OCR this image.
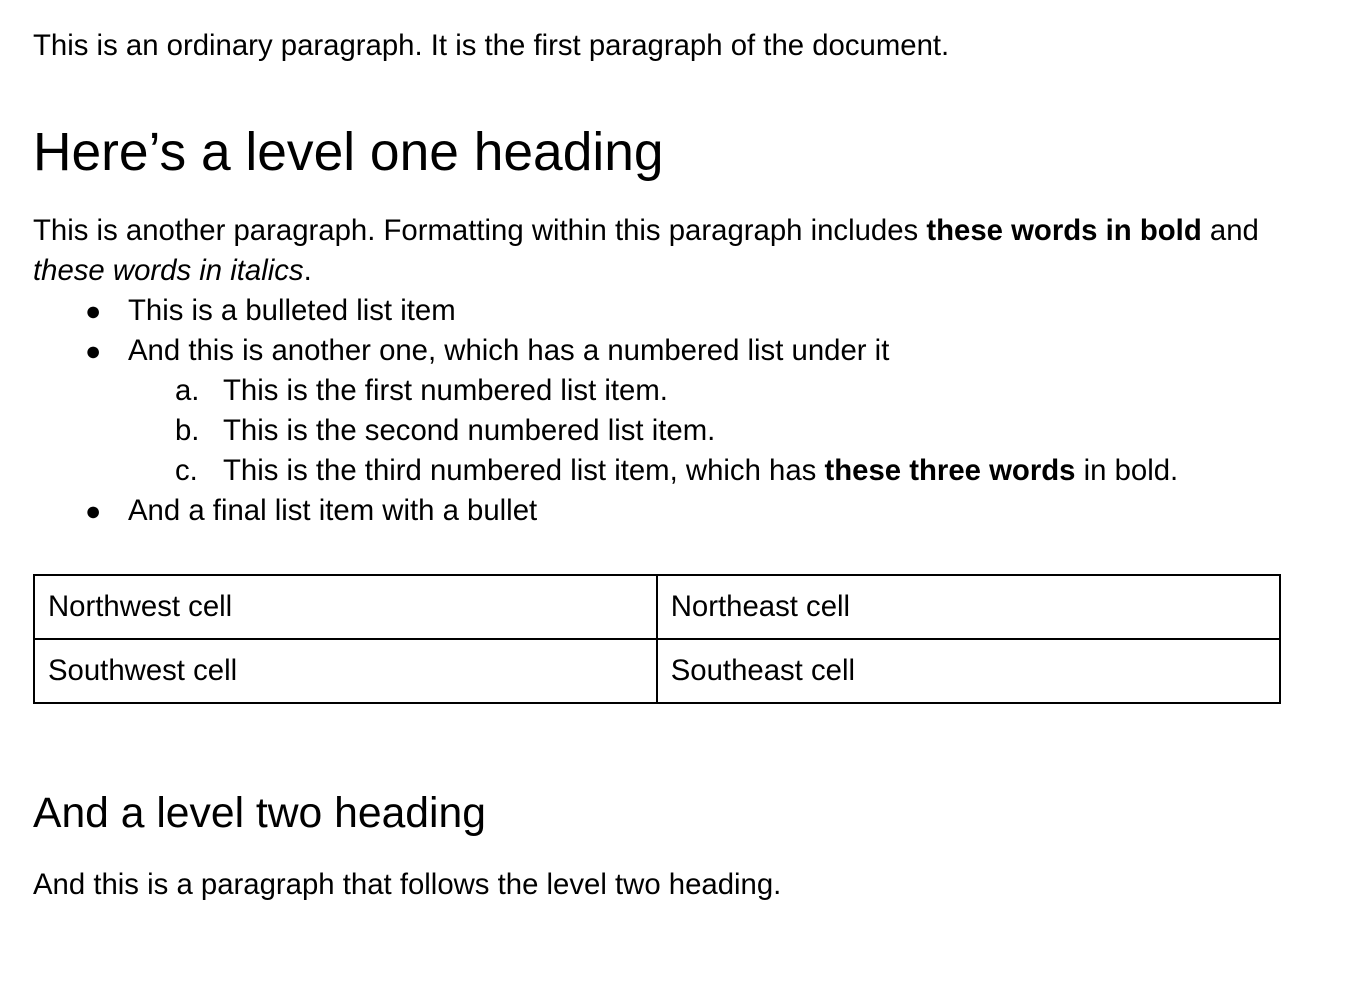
This is an ordinary paragraph. It is the first paragraph of the document.

Here’s a level one heading

This is another paragraph. Formatting within this paragraph includes these words in bold and these words in italics.

● This is a bulleted list item
● And this is another one, which has a numbered list under it
a. This is the first numbered list item.
b. This is the second numbered list item.
c. This is the third numbered list item, which has these three words in bold.
● And a final list item with a bullet
Northwest cell	Northeast cell
Southwest cell	Southeast cell
And a level two heading

And this is a paragraph that follows the level two heading.
